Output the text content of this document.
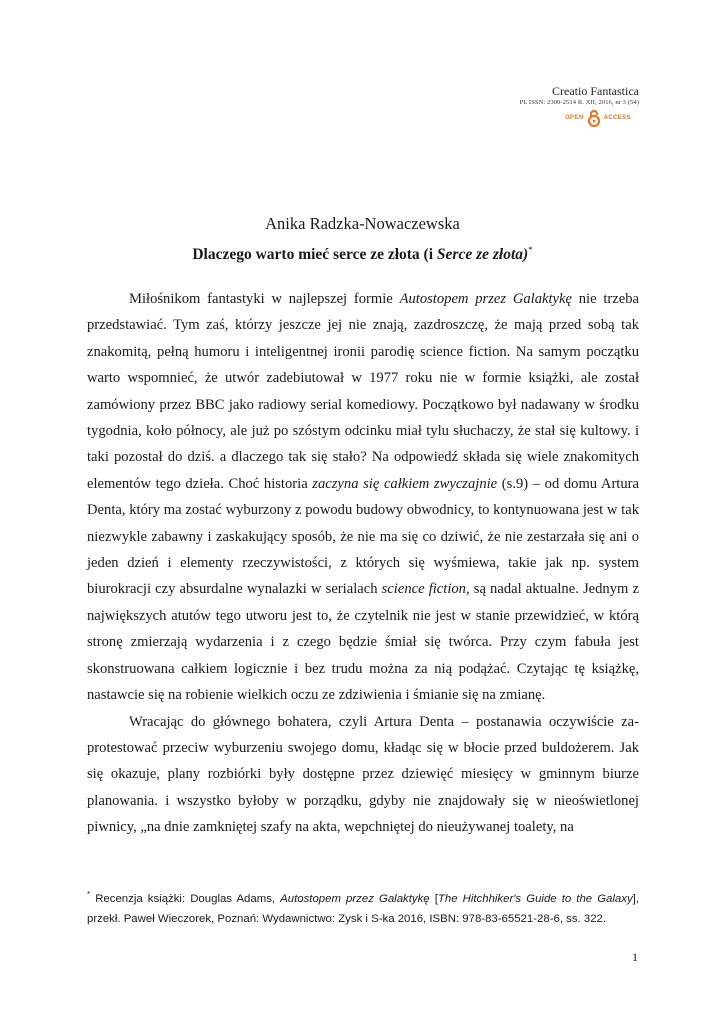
Creatio Fantastica
PL ISSN: 2300-2514 R. XII, 2016, nr 3 (54)
OPEN	ACCESS
Anika Radzka-Nowaczewska
Dlaczego warto mieć serce ze złota (i Serce ze złota)*

Miłośnikom fantastyki w najlepszej formie Autostopem przez Galaktykę nie trzeba przedstawiać. Tym zaś, którzy jeszcze jej nie znają, zazdroszczę, że mają przed sobą tak znakomitą, pełną humoru i inteligentnej ironii parodię science fiction. Na samym początku warto wspomnieć, że utwór zadebiutował w 1977 roku nie w formie książki, ale został zamówiony przez BBC jako radiowy serial komediowy. Początkowo był nadawany w środku tygodnia, koło północy, ale już po szóstym odcinku miał tylu słuchaczy, że stał się kultowy. i taki pozostał do dziś. a dlaczego tak się stało? Na odpowiedź składa się wiele znakomitych elementów tego dzieła. Choć historia zaczyna się całkiem zwyczajnie (s.9) – od domu Artura Denta, który ma zostać wyburzony z powodu budowy obwodnicy, to kontynuowana jest w tak niezwykle zabawny i zaskakujący sposób, że nie ma się co dziwić, że nie zestarzała się ani o jeden dzień i elementy rzeczywistości, z których się wyśmiewa, takie jak np. system biurokracji czy absurdalne wynalazki w serialach science fiction, są nadal aktualne. Jednym z największych atutów tego utworu jest to, że czytelnik nie jest w stanie przewidzieć, w którą stronę zmierzają wydarzenia i z czego będzie śmiał się twórca. Przy czym fabuła jest skonstruowana całkiem logicznie i bez trudu można za nią podążać. Czytając tę książkę, nastawcie się na robienie wielkich oczu ze zdziwienia i śmianie się na zmianę.

Wracając do głównego bohatera, czyli Artura Denta – postanawia oczywiście zaprotestować przeciw wyburzeniu swojego domu, kładąc się w błocie przed buldożerem. Jak się okazuje, plany rozbiórki były dostępne przez dziewięć miesięcy w gminnym biurze planowania. i wszystko byłoby w porządku, gdyby nie znajdowały się w nieoświetlonej piwnicy, „na dnie zamkniętej szafy na akta, wepchniętej do nieużywanej toalety, na

* Recenzja książki: Douglas Adams, Autostopem przez Galaktykę [The Hitchhiker's Guide to the Galaxy], przekł. Paweł Wieczorek, Poznań: Wydawnictwo: Zysk i S-ka 2016, ISBN: 978-83-65521-28-6, ss. 322.
1
